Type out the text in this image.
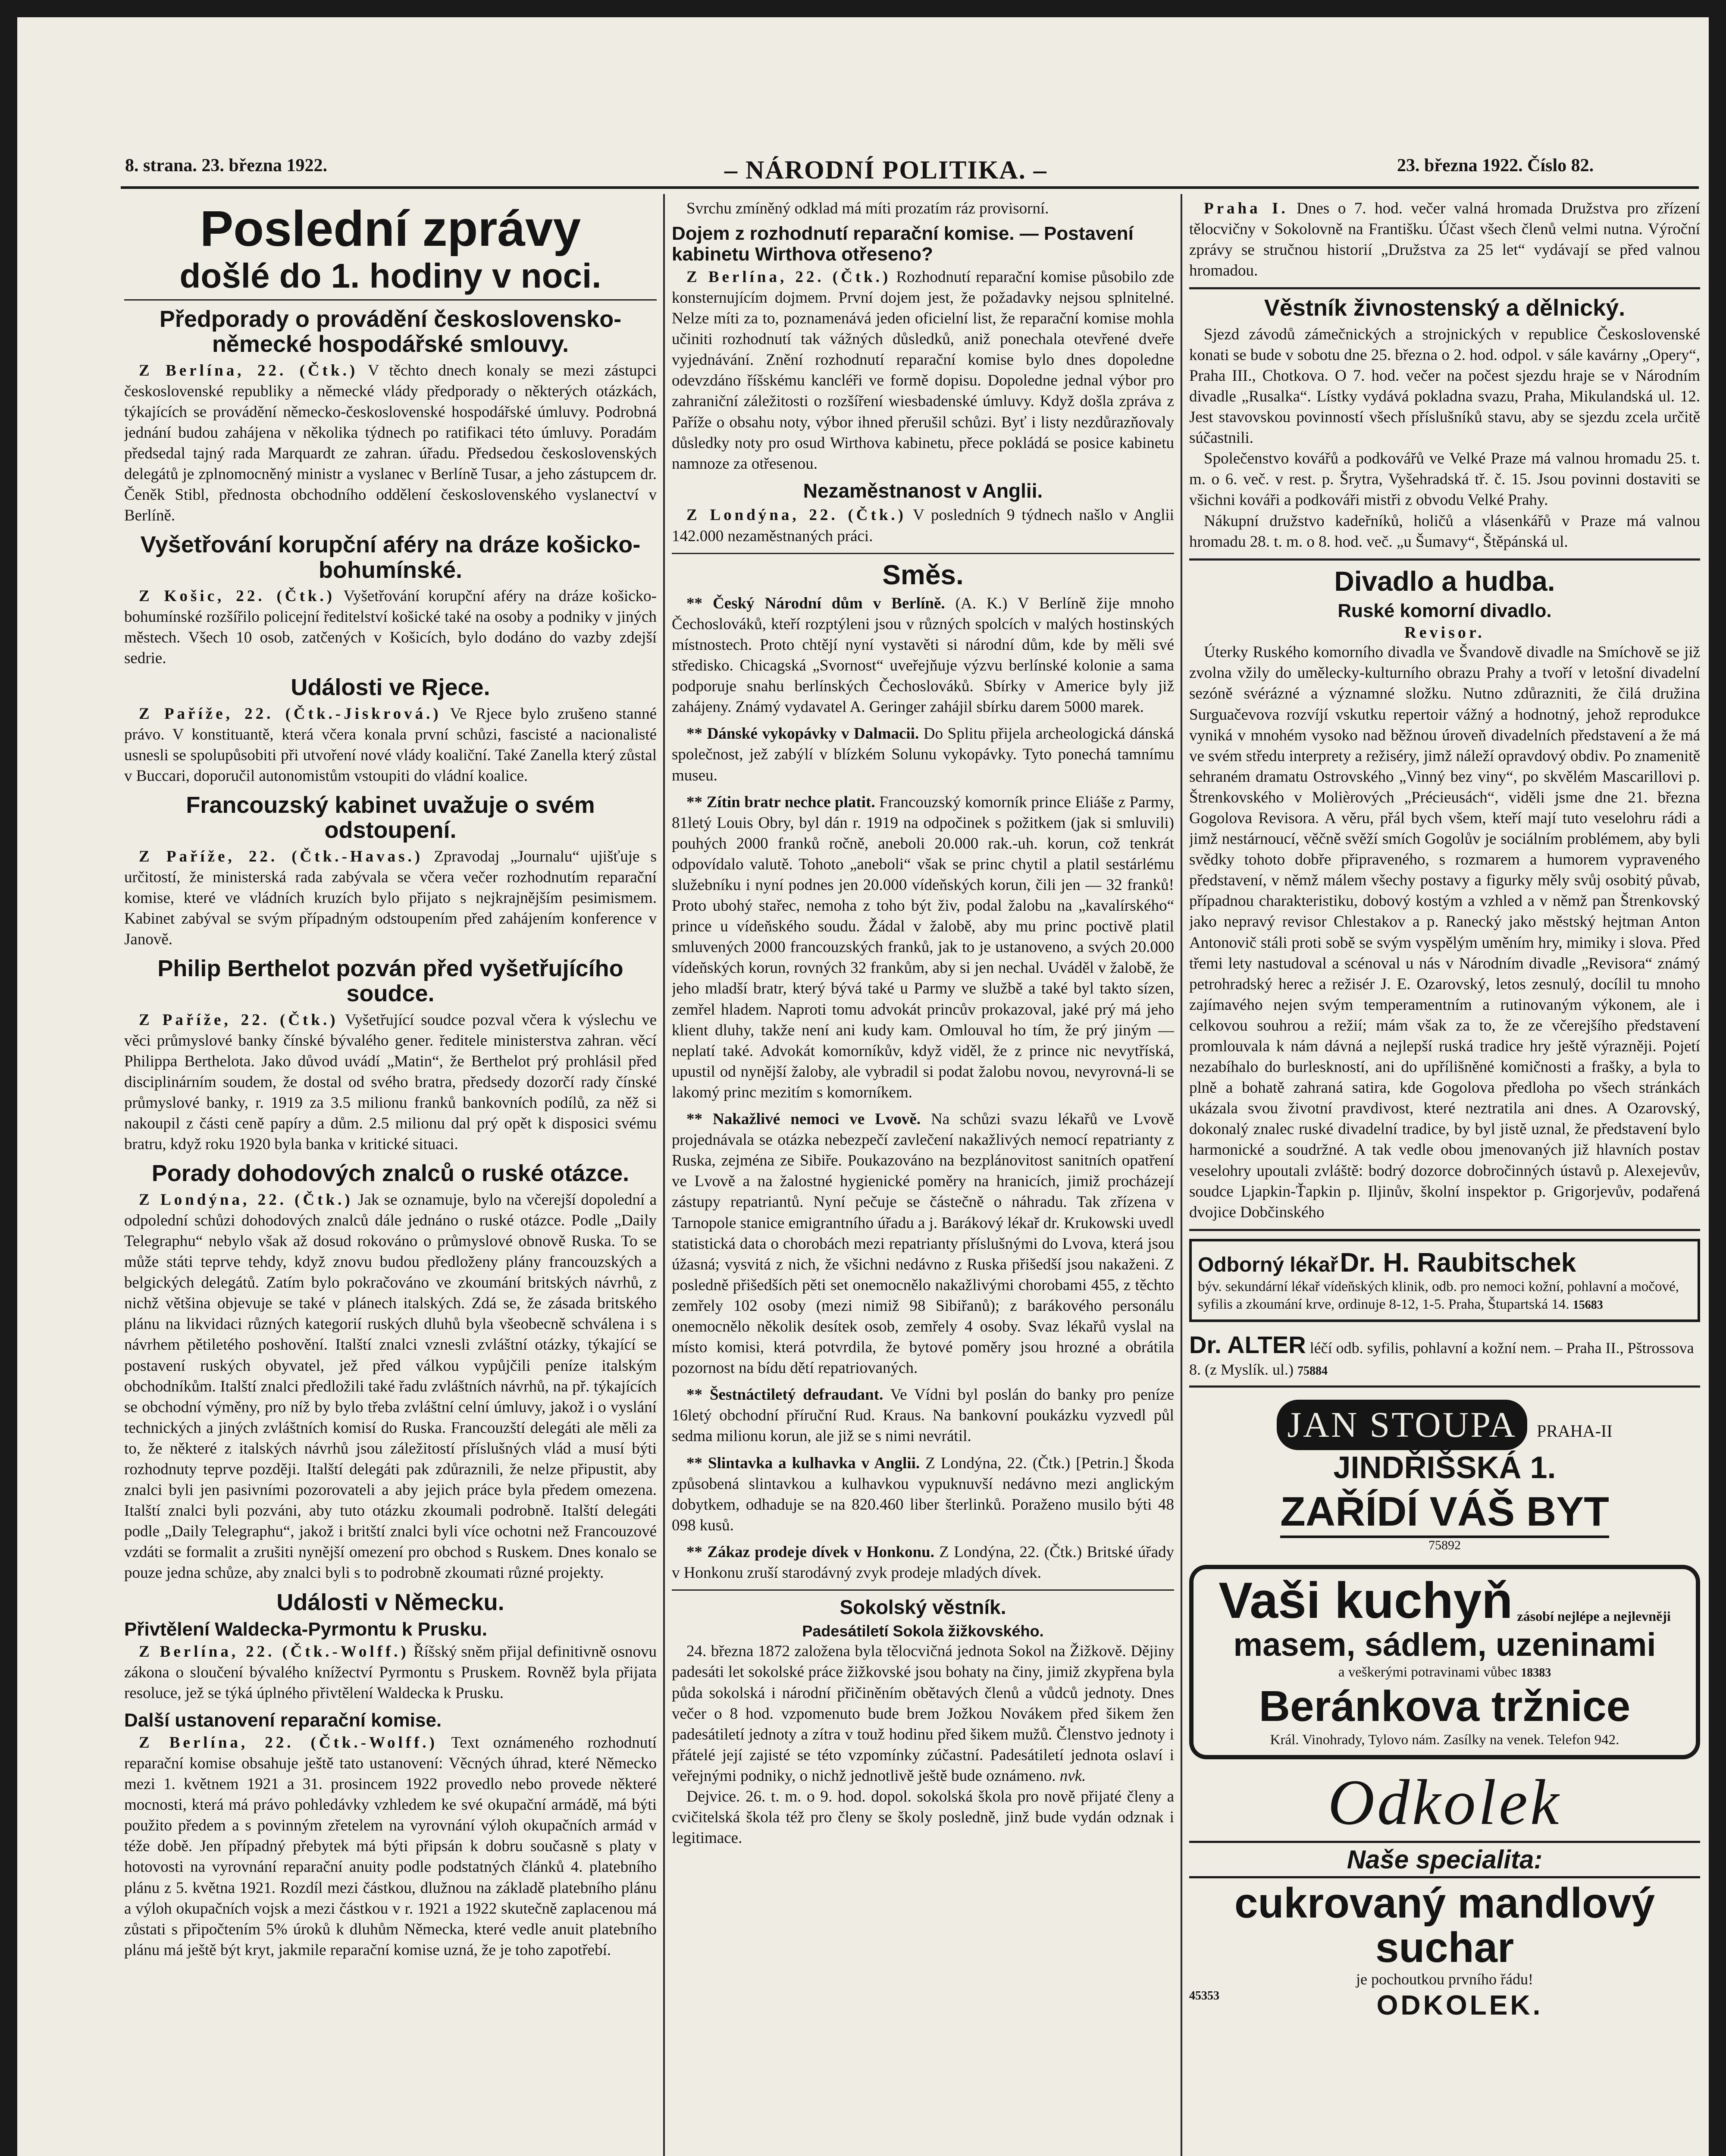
8. strana. 23. března 1922.	– NÁRODNÍ POLITIKA. –	23. března 1922. Číslo 82.
Poslední zprávy
došlé do 1. hodiny v noci.
Předporady o provádění československo-německé hospodářské smlouvy.

Z Berlína, 22. (Čtk.) V těchto dnech konaly se mezi zástupci československé republiky a německé vlády předporady o některých otázkách, týkajících se provádění německo-československé hospodářské úmluvy. Podrobná jednání budou zahájena v několika týdnech po ratifikaci této úmluvy. Poradám předsedal tajný rada Marquardt ze zahran. úřadu. Předsedou československých delegátů je zplnomocněný ministr a vyslanec v Berlíně Tusar, a jeho zástupcem dr. Čeněk Stibl, přednosta obchodního oddělení československého vyslanectví v Berlíně.

Vyšetřování korupční aféry na dráze košicko-bohumínské.

Z Košic, 22. (Čtk.) Vyšetřování korupční aféry na dráze košicko-bohumínské rozšířilo policejní ředitelství košické také na osoby a podniky v jiných městech. Všech 10 osob, zatčených v Košicích, bylo dodáno do vazby zdejší sedrie.

Události ve Rjece.

Z Paříže, 22. (Čtk.-Jiskrová.) Ve Rjece bylo zrušeno stanné právo. V konstituantě, která včera konala první schůzi, fascisté a nacionalisté usnesli se spolupůsobiti při utvoření nové vlády koaliční. Také Zanella který zůstal v Buccari, doporučil autonomistům vstoupiti do vládní koalice.

Francouzský kabinet uvažuje o svém odstoupení.

Z Paříže, 22. (Čtk.-Havas.) Zpravodaj „Journalu“ ujišťuje s určitostí, že ministerská rada zabývala se včera večer rozhodnutím reparační komise, které ve vládních kruzích bylo přijato s nejkrajnějším pesimismem. Kabinet zabýval se svým případným odstoupením před zahájením konference v Janově.

Philip Berthelot pozván před vyšetřujícího soudce.

Z Paříže, 22. (Čtk.) Vyšetřující soudce pozval včera k výslechu ve věci průmyslové banky čínské bývalého gener. ředitele ministerstva zahran. věcí Philippa Berthelota. Jako důvod uvádí „Matin“, že Berthelot prý prohlásil před disciplinárním soudem, že dostal od svého bratra, předsedy dozorčí rady čínské průmyslové banky, r. 1919 za 3.5 milionu franků bankovních podílů, za něž si nakoupil z části ceně papíry a dům. 2.5 milionu dal prý opět k disposici svému bratru, když roku 1920 byla banka v kritické situaci.

Porady dohodových znalců o ruské otázce.

Z Londýna, 22. (Čtk.) Jak se oznamuje, bylo na včerejší dopolední a odpolední schůzi dohodových znalců dále jednáno o ruské otázce. Podle „Daily Telegraphu“ nebylo však až dosud rokováno o průmyslové obnově Ruska. To se může státi teprve tehdy, když znovu budou předloženy plány francouzských a belgických delegátů. Zatím bylo pokračováno ve zkoumání britských návrhů, z nichž většina objevuje se také v plánech italských. Zdá se, že zásada britského plánu na likvidaci různých kategorií ruských dluhů byla všeobecně schválena i s návrhem pětiletého poshovění. Italští znalci vznesli zvláštní otázky, týkající se postavení ruských obyvatel, jež před válkou vypůjčili peníze italským obchodníkům. Italští znalci předložili také řadu zvláštních návrhů, na př. týkajících se obchodní výměny, pro níž by bylo třeba zvláštní celní úmluvy, jakož i o vyslání technických a jiných zvláštních komisí do Ruska. Francouzští delegáti ale měli za to, že některé z italských návrhů jsou záležitostí příslušných vlád a musí býti rozhodnuty teprve později. Italští delegáti pak zdůraznili, že nelze připustit, aby znalci byli jen pasivními pozorovateli a aby jejich práce byla předem omezena. Italští znalci byli pozváni, aby tuto otázku zkoumali podrobně. Italští delegáti podle „Daily Telegraphu“, jakož i britští znalci byli více ochotni než Francouzové vzdáti se formalit a zrušiti nynější omezení pro obchod s Ruskem. Dnes konalo se pouze jedna schůze, aby znalci byli s to podrobně zkoumati různé projekty.

Události v Německu.
Přivtělení Waldecka-Pyrmontu k Prusku.

Z Berlína, 22. (Čtk.-Wolff.) Říšský sněm přijal definitivně osnovu zákona o sloučení bývalého knížectví Pyrmontu s Pruskem. Rovněž byla přijata resoluce, jež se týká úplného přivtělení Waldecka k Prusku.

Další ustanovení reparační komise.

Z Berlína, 22. (Čtk.-Wolff.) Text oznámeného rozhodnutí reparační komise obsahuje ještě tato ustanovení: Věcných úhrad, které Německo mezi 1. květnem 1921 a 31. prosincem 1922 provedlo nebo provede některé mocnosti, která má právo pohledávky vzhledem ke své okupační armádě, má býti použito předem a s povinným zřetelem na vyrovnání výloh okupačních armád v téže době. Jen případný přebytek má býti připsán k dobru současně s platy v hotovosti na vyrovnání reparační anuity podle podstatných článků 4. platebního plánu z 5. května 1921. Rozdíl mezi částkou, dlužnou na základě platebního plánu a výloh okupačních vojsk a mezi částkou v r. 1921 a 1922 skutečně zaplacenou má zůstati s připočtením 5% úroků k dluhům Německa, které vedle anuit platebního plánu má ještě být kryt, jakmile reparační komise uzná, že je toho zapotřebí.

Svrchu zmíněný odklad má míti prozatím ráz provisorní.

Dojem z rozhodnutí reparační komise. — Postavení kabinetu Wirthova otřeseno?

Z Berlína, 22. (Čtk.) Rozhodnutí reparační komise působilo zde konsternujícím dojmem. První dojem jest, že požadavky nejsou splnitelné. Nelze míti za to, poznamenává jeden oficielní list, že reparační komise mohla učiniti rozhodnutí tak vážných důsledků, aniž ponechala otevřené dveře vyjednávání. Znění rozhodnutí reparační komise bylo dnes dopoledne odevzdáno říšskému kancléři ve formě dopisu. Dopoledne jednal výbor pro zahraniční záležitosti o rozšíření wiesbadenské úmluvy. Když došla zpráva z Paříže o obsahu noty, výbor ihned přerušil schůzi. Byť i listy nezdůrazňovaly důsledky noty pro osud Wirthova kabinetu, přece pokládá se posice kabinetu namnoze za otřesenou.

Nezaměstnanost v Anglii.

Z Londýna, 22. (Čtk.) V posledních 9 týdnech našlo v Anglii 142.000 nezaměstnaných práci.

Směs.

** Český Národní dům v Berlíně. (A. K.) V Berlíně žije mnoho Čechoslováků, kteří rozptýleni jsou v různých spolcích v malých hostinských místnostech. Proto chtějí nyní vystavěti si národní dům, kde by měli své středisko. Chicagská „Svornost“ uveřejňuje výzvu berlínské kolonie a sama podporuje snahu berlínských Čechoslováků. Sbírky v Americe byly již zahájeny. Známý vydavatel A. Geringer zahájil sbírku darem 5000 marek.

** Dánské vykopávky v Dalmacii. Do Splitu přijela archeologická dánská společnost, jež zabýlí v blízkém Solunu vykopávky. Tyto ponechá tamnímu museu.

** Zítin bratr nechce platit. Francouzský komorník prince Eliáše z Parmy, 81letý Louis Obry, byl dán r. 1919 na odpočinek s požitkem (jak si smluvili) pouhých 2000 franků ročně, aneboli 20.000 rak.-uh. korun, což tenkrát odpovídalo valutě. Tohoto „aneboli“ však se princ chytil a platil sestárlému služebníku i nyní podnes jen 20.000 vídeňských korun, čili jen — 32 franků! Proto ubohý stařec, nemoha z toho být živ, podal žalobu na „kavalírského“ prince u vídeňského soudu. Žádal v žalobě, aby mu princ poctivě platil smluvených 2000 francouzských franků, jak to je ustanoveno, a svých 20.000 vídeňských korun, rovných 32 frankům, aby si jen nechal. Uváděl v žalobě, že jeho mladší bratr, který bývá také u Parmy ve službě a také byl takto sízen, zemřel hladem. Naproti tomu advokát princův prokazoval, jaké prý má jeho klient dluhy, takže není ani kudy kam. Omlouval ho tím, že prý jiným — neplatí také. Advokát komorníkův, když viděl, že z prince nic nevytříská, upustil od nynější žaloby, ale vybradil si podat žalobu novou, nevyrovná-li se lakomý princ mezitím s komorníkem.

** Nakažlivé nemoci ve Lvově. Na schůzi svazu lékařů ve Lvově projednávala se otázka nebezpečí zavlečení nakažlivých nemocí repatrianty z Ruska, zejména ze Sibiře. Poukazováno na bezplánovitost sanitních opatření ve Lvově a na žalostné hygienické poměry na hranicích, jimiž procházejí zástupy repatriantů. Nyní pečuje se částečně o náhradu. Tak zřízena v Tarnopole stanice emigrantního úřadu a j. Barákový lékař dr. Krukowski uvedl statistická data o chorobách mezi repatrianty příslušnými do Lvova, která jsou úžasná; vysvitá z nich, že všichni nedávno z Ruska přišedší jsou nakaženi. Z posledně přišedších pěti set onemocnělo nakažlivými chorobami 455, z těchto zemřely 102 osoby (mezi nimiž 98 Sibiřanů); z barákového personálu onemocnělo několik desítek osob, zemřely 4 osoby. Svaz lékařů vyslal na místo komisi, která potvrdila, že bytové poměry jsou hrozné a obrátila pozornost na bídu dětí repatriovaných.

** Šestnáctiletý defraudant. Ve Vídni byl poslán do banky pro peníze 16letý obchodní příruční Rud. Kraus. Na bankovní poukázku vyzvedl půl sedma milionu korun, ale již se s nimi nevrátil.

** Slintavka a kulhavka v Anglii. Z Londýna, 22. (Čtk.) [Petrin.] Škoda způsobená slintavkou a kulhavkou vypuknuvší nedávno mezi anglickým dobytkem, odhaduje se na 820.460 liber šterlinků. Poraženo musilo býti 48 098 kusů.

** Zákaz prodeje dívek v Honkonu. Z Londýna, 22. (Čtk.) Britské úřady v Honkonu zruší starodávný zvyk prodeje mladých dívek.

Sokolský věstník.
Padesátiletí Sokola žižkovského.

24. března 1872 založena byla tělocvičná jednota Sokol na Žižkově. Dějiny padesáti let sokolské práce žižkovské jsou bohaty na činy, jimiž zkypřena byla půda sokolská i národní přičiněním obětavých členů a vůdců jednoty. Dnes večer o 8 hod. vzpomenuto bude brem Jožkou Novákem před šikem žen padesátiletí jednoty a zítra v touž hodinu před šikem mužů. Členstvo jednoty i přátelé její zajisté se této vzpomínky zúčastní. Padesátiletí jednota oslaví i veřejnými podniky, o nichž jednotlivě ještě bude oznámeno. nvk.

Dejvice. 26. t. m. o 9. hod. dopol. sokolská škola pro nově přijaté členy a cvičitelská škola též pro členy se školy posledně, jinž bude vydán odznak i legitimace.

Praha I. Dnes o 7. hod. večer valná hromada Družstva pro zřízení tělocvičny v Sokolovně na Františku. Účast všech členů velmi nutna. Výroční zprávy se stručnou historií „Družstva za 25 let“ vydávají se před valnou hromadou.

Věstník živnostenský a dělnický.

Sjezd závodů zámečnických a strojnických v republice Československé konati se bude v sobotu dne 25. března o 2. hod. odpol. v sále kavárny „Opery“, Praha III., Chotkova. O 7. hod. večer na počest sjezdu hraje se v Národním divadle „Rusalka“. Lístky vydává pokladna svazu, Praha, Mikulandská ul. 12. Jest stavovskou povinností všech příslušníků stavu, aby se sjezdu zcela určitě súčastnili.

Společenstvo kovářů a podkovářů ve Velké Praze má valnou hromadu 25. t. m. o 6. več. v rest. p. Šrytra, Vyšehradská tř. č. 15. Jsou povinni dostaviti se všichni kováři a podkováři mistři z obvodu Velké Prahy.

Nákupní družstvo kadeřníků, holičů a vlásenkářů v Praze má valnou hromadu 28. t. m. o 8. hod. več. „u Šumavy“, Štěpánská ul.

Divadlo a hudba.
Ruské komorní divadlo.
Revisor.

Úterky Ruského komorního divadla ve Švandově divadle na Smíchově se již zvolna vžily do umělecky-kulturního obrazu Prahy a tvoří v letošní divadelní sezóně svérázné a významné složku. Nutno zdůrazniti, že čilá družina Surguačevova rozvíjí vskutku repertoir vážný a hodnotný, jehož reprodukce vyniká v mnohém vysoko nad běžnou úroveň divadelních představení a že má ve svém středu interprety a režiséry, jimž náleží opravdový obdiv. Po znamenitě sehraném dramatu Ostrovského „Vinný bez viny“, po skvělém Mascarillovi p. Štrenkovského v Molièrových „Précieusách“, viděli jsme dne 21. března Gogolova Revisora. A věru, přál bych všem, kteří mají tuto veselohru rádi a jimž nestárnoucí, věčně svěží smích Gogolův je sociálním problémem, aby byli svědky tohoto dobře připraveného, s rozmarem a humorem vypraveného představení, v němž málem všechy postavy a figurky měly svůj osobitý půvab, případnou charakteristiku, dobový kostým a vzhled a v němž pan Štrenkovský jako nepravý revisor Chlestakov a p. Ranecký jako městský hejtman Anton Antonovič stáli proti sobě se svým vyspělým uměním hry, mimiky i slova. Před třemi lety nastudoval a scénoval u nás v Národním divadle „Revisora“ známý petrohradský herec a režisér J. E. Ozarovský, letos zesnulý, docílil tu mnoho zajímavého nejen svým temperamentním a rutinovaným výkonem, ale i celkovou souhrou a režií; mám však za to, že ze včerejšího představení promlouvala k nám dávná a nejlepší ruská tradice hry ještě výrazněji. Pojetí nezabíhalo do burleskností, ani do upřílišněné komičnosti a frašky, a byla to plně a bohatě zahraná satira, kde Gogolova předloha po všech stránkách ukázala svou životní pravdivost, které neztratila ani dnes. A Ozarovský, dokonalý znalec ruské divadelní tradice, by byl jistě uznal, že představení bylo harmonické a soudržné. A tak vedle obou jmenovaných již hlavních postav veselohry upoutali zvláště: bodrý dozorce dobročinných ústavů p. Alexejevův, soudce Ljapkin-Ťapkin p. Iljinův, školní inspektor p. Grigorjevův, podařená dvojice Dobčinského

Odborný lékař Dr. H. Raubitschek
býv. sekundární lékař vídeňských klinik, odb. pro nemoci kožní, pohlavní a močové, syfilis a zkoumání krve, ordinuje 8-12, 1-5. Praha, Štupartská 14. 15683
Dr. ALTER léčí odb. syfilis, pohlavní a kožní nem. – Praha II., Pštrossova 8. (z Myslík. ul.) 75884
JAN STOUPA PRAHA-II JINDŘIŠSKÁ 1.
ZAŘÍDÍ VÁŠ BYT
75892
Vaši kuchyň zásobí nejlépe a nejlevněji
masem, sádlem, uzeninami
a veškerými potravinami vůbec 18383
Beránkova tržnice
Král. Vinohrady, Tylovo nám. Zasílky na venek. Telefon 942.
Odkolek
Naše specialita:
cukrovaný mandlový suchar
je pochoutkou prvního řádu!
45353	ODKOLEK.
